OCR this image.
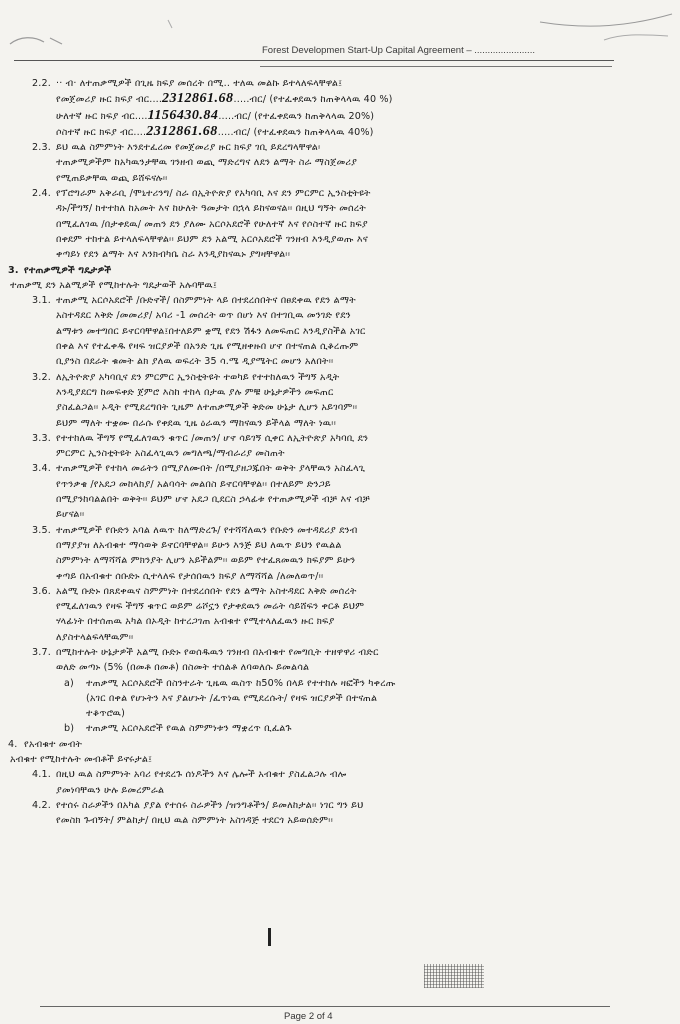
Forest Developmen Start-Up Capital Agreement – .......................
2.2. ·· ብ· ለተጠቃሚዎች በጊዜ ክፍያ መሰረት በሚ.. ተለዉ መልኩ ይተላለፍላቸዋል፤
የመጀመሪያ ዙር ክፍያ ብር....2312861.68.....ብር/ (የተፈቀደዉን ከጠቅላላዉ 40 %)
ሁለተኛ ዙር ክፍያ ብር....1156430.84.....ብር/ (የተፈቀደዉን ከጠቅላላዉ 20%)
ሶስተኛ ዙር ክፍያ ብር....2312861.68.....ብር/ (የተፈቀደዉን ከጠቅላላዉ 40%)
2.3. ይህ ዉል ስምምነት እንደተፈረመ የመጀመሪያ ዙር ክፍያ ገቢ ይደረግላቸዋል፡
ተጠቃሚዎችም ከአካዉንታቸዉ ገንዘብ ወጪ ማድረግና ለደን ልማት ስራ ማስጀመሪያ
የሚጠይቃቸዉ ወጪ ይሸፍናሉ፡፡
2.4. የፕሮግራም አቅራቢ /ሞኒተሪንግ/ ስራ በኢትዮጵያ የአካባቢ እና ደን ምርምር ኢንስቲትዩት
ዳኑ/ችግኝ/ ከተተከለ ከአመት እና ከሁለት ዓመታት በኋላ ይከናወናል፡፡ በዚህ ግኝት መሰረት
በሚፈለገዉ /በታቀደዉ/ መጠን ደን ያለሙ አርሶአደሮች የሁለተኛ እና የሶስተኛ ዙር ክፍያ
በቀደም ተከተል ይተላለፍላቸዋል፡፡ ይህም ደን አልሚ አርሶአደሮች ገንዘብ እንዲያወጡ እና
ቀጣይነ የደን ልማት እና እንክብካቤ ስራ እንዲያከናዉኑ ያግዛቸዋል፡፡
3. የተጠቃሚዎች ግዴታዎች
ተጠቃሚ ደን አልሚዎች የሚከተሉት ግዴታወች አሉባቸዉ፤
3.1. ተጠቃሚ አርሶአደሮች /ቡድኖች/ በስምምነት ላይ በተደረሰበትና በፀደቀዉ የደን ልማት
አስተዳደር እቅድ /መመሪያ/ አባሪ -1 መሰረት ወጥ በሆነ እና በተገቢዉ መንገድ የደን
ልማቱን መተግበር ይኖርባቸዋል፤በተለይም ቋሚ የደን ሽፋን ለመፍጠር እንዲያስችል አገር
በቀል እና የተፈቀዱ የዛፍ ዝርያዎች በአንድ ጊዜ የሚዘቀዙበ ሆኖ በተናጠል ሲቆረጡም
ቢያንስ በደራት ቁመት ልክ ያለዉ ወፍረት 35 ሳ.ሜ ዲያሜትር መሆን አለበት፡፡
3.2. ለኢትዮጵያ አካባቢና ደን ምርምር ኢንስቲትዩት ተወካይ የተተከለዉን ችግኝ አዲት
እንዲያደርግ ከመፍቀድ ጀምሮ እስከ ተከላ በታዉ ያሉ ምቹ ሁኔታዎችን መፍጠር
ያስፈልጋል፡፡ ኦዲት የሚደረግበት ጊዜም ለተጠቃሚዎች ቅድመ ሁኔታ ሊሆን አይገባም፡፡
ይህም ማለት ተቋሙ በራሱ የቀደዉ ጊዜ ዕራዉን ማከናዉን ይችላል ማለት ነዉ፡፡
3.3. የተተከለዉ ችግኝ የሚፈለገዉን ቁጥር /መጠን/ ሆኖ ሳይገኝ ሲቀር ለኢትዮጵያ አካባቢ ደን
ምርምር ኢንስቲትዩት አስፈላጊዉን መግለጫ/ማብራሪያ መስጠት
3.4. ተጠቃሚዎች የተከላ መሬትን በሚያለሙበት /በሚያዘጋጁበት ወቅት ያላቸዉን አስፈላጊ
የጥንቃቄ /የአደጋ መከላከያ/ አልባሳት መልበስ ይኖርባቸዋል፡፡ በተለይም ድንጋይ
በሚያንከባልልበት ወቅት፡፡ ይህም ሆኖ አደጋ ቢደርስ ኃላፊቱ የተጠቃሚዎች ብቻ እና ብቻ
ይሆናል፡፡
3.5. ተጠቃሚዎች የቡድን አባል ለዉጥ ከለማድረጉ/ የተሻሻለዉን የቡድን መተዳደሪያ ደንብ
በማያያዝ ለአብቁተ ማሳወቅ ይኖርባቸዋል፡፡ ይሁን እንጅ ይህ ለዉጥ ይህን የዉልል
ስምምነት ለማሻሻል ምክንያት ሊሆን አይችልም፡፡ ወይም የተፈጸመዉን ክፍያም ይሁን
ቀጣይ በአብቁተ ሰቡድኑ ሲተላለፍ የታሰበዉን ክፍያ ለማሻሻል /ለመለወጥ/፡፡
3.6. አልሚ ቡድኑ በጸደቀዉና ስምምነት በተደረሰበት የደን ልማት አስተዳደር እቅድ መሰረት
የሚፈለገዉን የዛፍ ችግኝ ቁጥር ወይም ሬሾኗን የታቀደዉን መሬት ሳይሸፍን ቀርቶ ይህም
ሃላፊነት በተሰጠዉ አካል በኦዲት ከተረጋገጠ አብቁተ የሚተላለፈዉን ዙር ክፍያ
ለያስተላልፍላቸዉም፡፡
3.7. በሚከተሉት ሁኔታዎች አልሚ ቡድኑ የወሰዱዉን ገንዘብ በአብቁተ የመግቢት ተዘዋዋሪ ብድር
ወለድ መጣኑ (5% (በመቶ በመቶ) በስመት ተሰልቶ ለባወለሱ ይመልሳል
a) ተጠቃሚ አርሶአደሮች በስንተራት ጊዜዉ ዉስጥ ከ50% በላይ የተተከሉ ዛፎችን ካቀረጡ
(አገር በቀል የሆኑትን እና ያልሆኑት /ፈጥነዉ የሚደረሱት/ የዛፍ ዝርያዎች በተናጠል
ተቆጥሮዉ)
b) ተጠቃሚ አርሶአደሮች የዉል ስምምነቱን ማቋረጥ ቢፈልጉ
4. የአብቁተ መብት
አብቁተ የሚከተሉት መብቶች ይኖሩታል፤
4.1. በዚህ ዉል ስምምነት አባሪ የተደረጉ ሰነዶችን እና ሌሎች አብቁተ ያስፈልጋሉ ብሎ
ያመነባቸዉን ሁሉ ይመረምራል
4.2. የተሰሩ ስራዎችን በአካል ያያል የተሰሩ ስራዎችን /ዝንግቶችን/ ይመለከታል፡፡ ነገር ግን ይህ
የመስክ ጉብኝት/ ምልከታ/ በዚህ ዉል ስምምነት አስገዳጅ ተደርጎ አይወሰድም፡፡
Page 2 of 4
